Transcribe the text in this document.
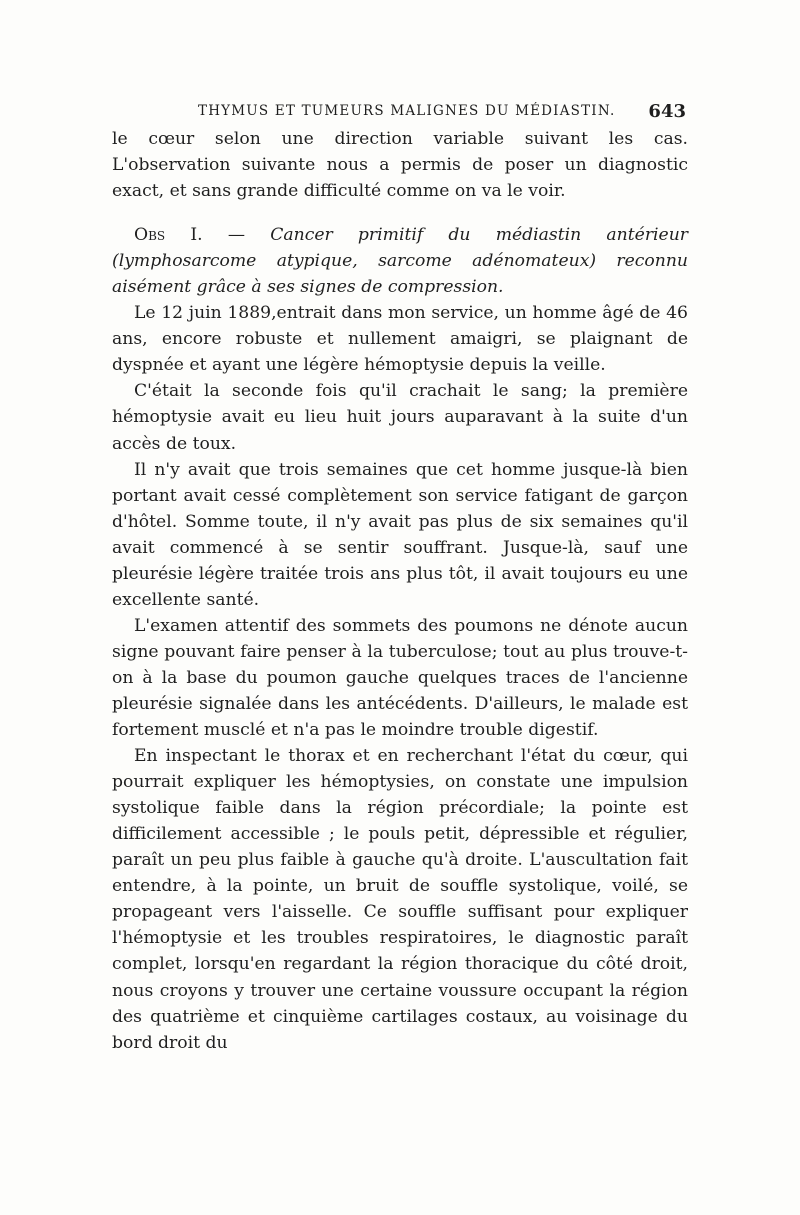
THYMUS ET TUMEURS MALIGNES DU MÉDIASTIN. 643

le cœur selon une direction variable suivant les cas. L'observation suivante nous a permis de poser un diagnostic exact, et sans grande difficulté comme on va le voir.

Obs I. — Cancer primitif du médiastin antérieur (lymphosarcome atypique, sarcome adénomateux) reconnu aisément grâce à ses signes de compression.

Le 12 juin 1889,entrait dans mon service, un homme âgé de 46 ans, encore robuste et nullement amaigri, se plaignant de dyspnée et ayant une légère hémoptysie depuis la veille.

C'était la seconde fois qu'il crachait le sang; la première hémoptysie avait eu lieu huit jours auparavant à la suite d'un accès de toux.

Il n'y avait que trois semaines que cet homme jusque-là bien portant avait cessé complètement son service fatigant de garçon d'hôtel. Somme toute, il n'y avait pas plus de six semaines qu'il avait commencé à se sentir souffrant. Jusque-là, sauf une pleurésie légère traitée trois ans plus tôt, il avait toujours eu une excellente santé.

L'examen attentif des sommets des poumons ne dénote aucun signe pouvant faire penser à la tuberculose; tout au plus trouve-t-on à la base du poumon gauche quelques traces de l'ancienne pleurésie signalée dans les antécédents. D'ailleurs, le malade est fortement musclé et n'a pas le moindre trouble digestif.

En inspectant le thorax et en recherchant l'état du cœur, qui pourrait expliquer les hémoptysies, on constate une impulsion systolique faible dans la région précordiale; la pointe est difficilement accessible ; le pouls petit, dépressible et régulier, paraît un peu plus faible à gauche qu'à droite. L'auscultation fait entendre, à la pointe, un bruit de souffle systolique, voilé, se propageant vers l'aisselle. Ce souffle suffisant pour expliquer l'hémoptysie et les troubles respiratoires, le diagnostic paraît complet, lorsqu'en regardant la région thoracique du côté droit, nous croyons y trouver une certaine voussure occupant la région des quatrième et cinquième cartilages costaux, au voisinage du bord droit du
